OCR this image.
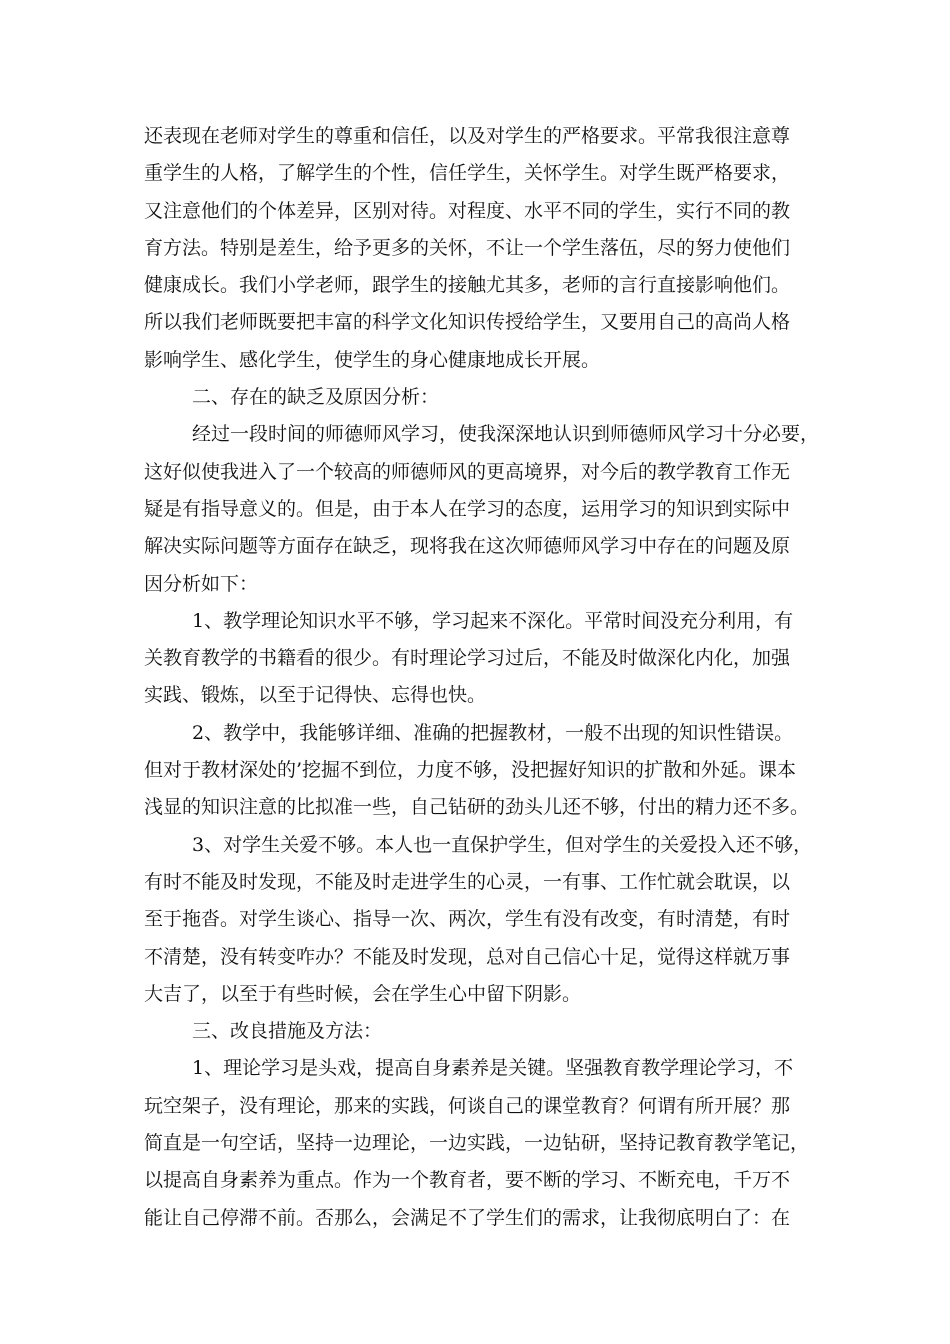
还表现在老师对学生的尊重和信任，以及对学生的严格要求。平常我很注意尊
重学生的人格，了解学生的个性，信任学生，关怀学生。对学生既严格要求，
又注意他们的个体差异，区别对待。对程度、水平不同的学生，实行不同的教
育方法。特别是差生，给予更多的关怀，不让一个学生落伍，尽的努力使他们
健康成长。我们小学老师，跟学生的接触尤其多，老师的言行直接影响他们。
所以我们老师既要把丰富的科学文化知识传授给学生，又要用自己的高尚人格
影响学生、感化学生，使学生的身心健康地成长开展。
二、存在的缺乏及原因分析：
经过一段时间的师德师风学习，使我深深地认识到师德师风学习十分必要，
这好似使我进入了一个较高的师德师风的更高境界，对今后的教学教育工作无
疑是有指导意义的。但是，由于本人在学习的态度，运用学习的知识到实际中
解决实际问题等方面存在缺乏，现将我在这次师德师风学习中存在的问题及原
因分析如下：
1、教学理论知识水平不够，学习起来不深化。平常时间没充分利用，有
关教育教学的书籍看的很少。有时理论学习过后，不能及时做深化内化，加强
实践、锻炼，以至于记得快、忘得也快。
2、教学中，我能够详细、准确的把握教材，一般不出现的知识性错误。
但对于教材深处的’挖掘不到位，力度不够，没把握好知识的扩散和外延。课本
浅显的知识注意的比拟准一些，自己钻研的劲头儿还不够，付出的精力还不多。
3、对学生关爱不够。本人也一直保护学生，但对学生的关爱投入还不够，
有时不能及时发现，不能及时走进学生的心灵，一有事、工作忙就会耽误，以
至于拖沓。对学生谈心、指导一次、两次，学生有没有改变，有时清楚，有时
不清楚，没有转变咋办？不能及时发现，总对自己信心十足，觉得这样就万事
大吉了，以至于有些时候，会在学生心中留下阴影。
三、改良措施及方法：
1、理论学习是头戏，提高自身素养是关键。坚强教育教学理论学习，不
玩空架子，没有理论，那来的实践，何谈自己的课堂教育？何谓有所开展？那
简直是一句空话，坚持一边理论，一边实践，一边钻研，坚持记教育教学笔记，
以提高自身素养为重点。作为一个教育者，要不断的学习、不断充电，千万不
能让自己停滞不前。否那么，会满足不了学生们的需求，让我彻底明白了：在
